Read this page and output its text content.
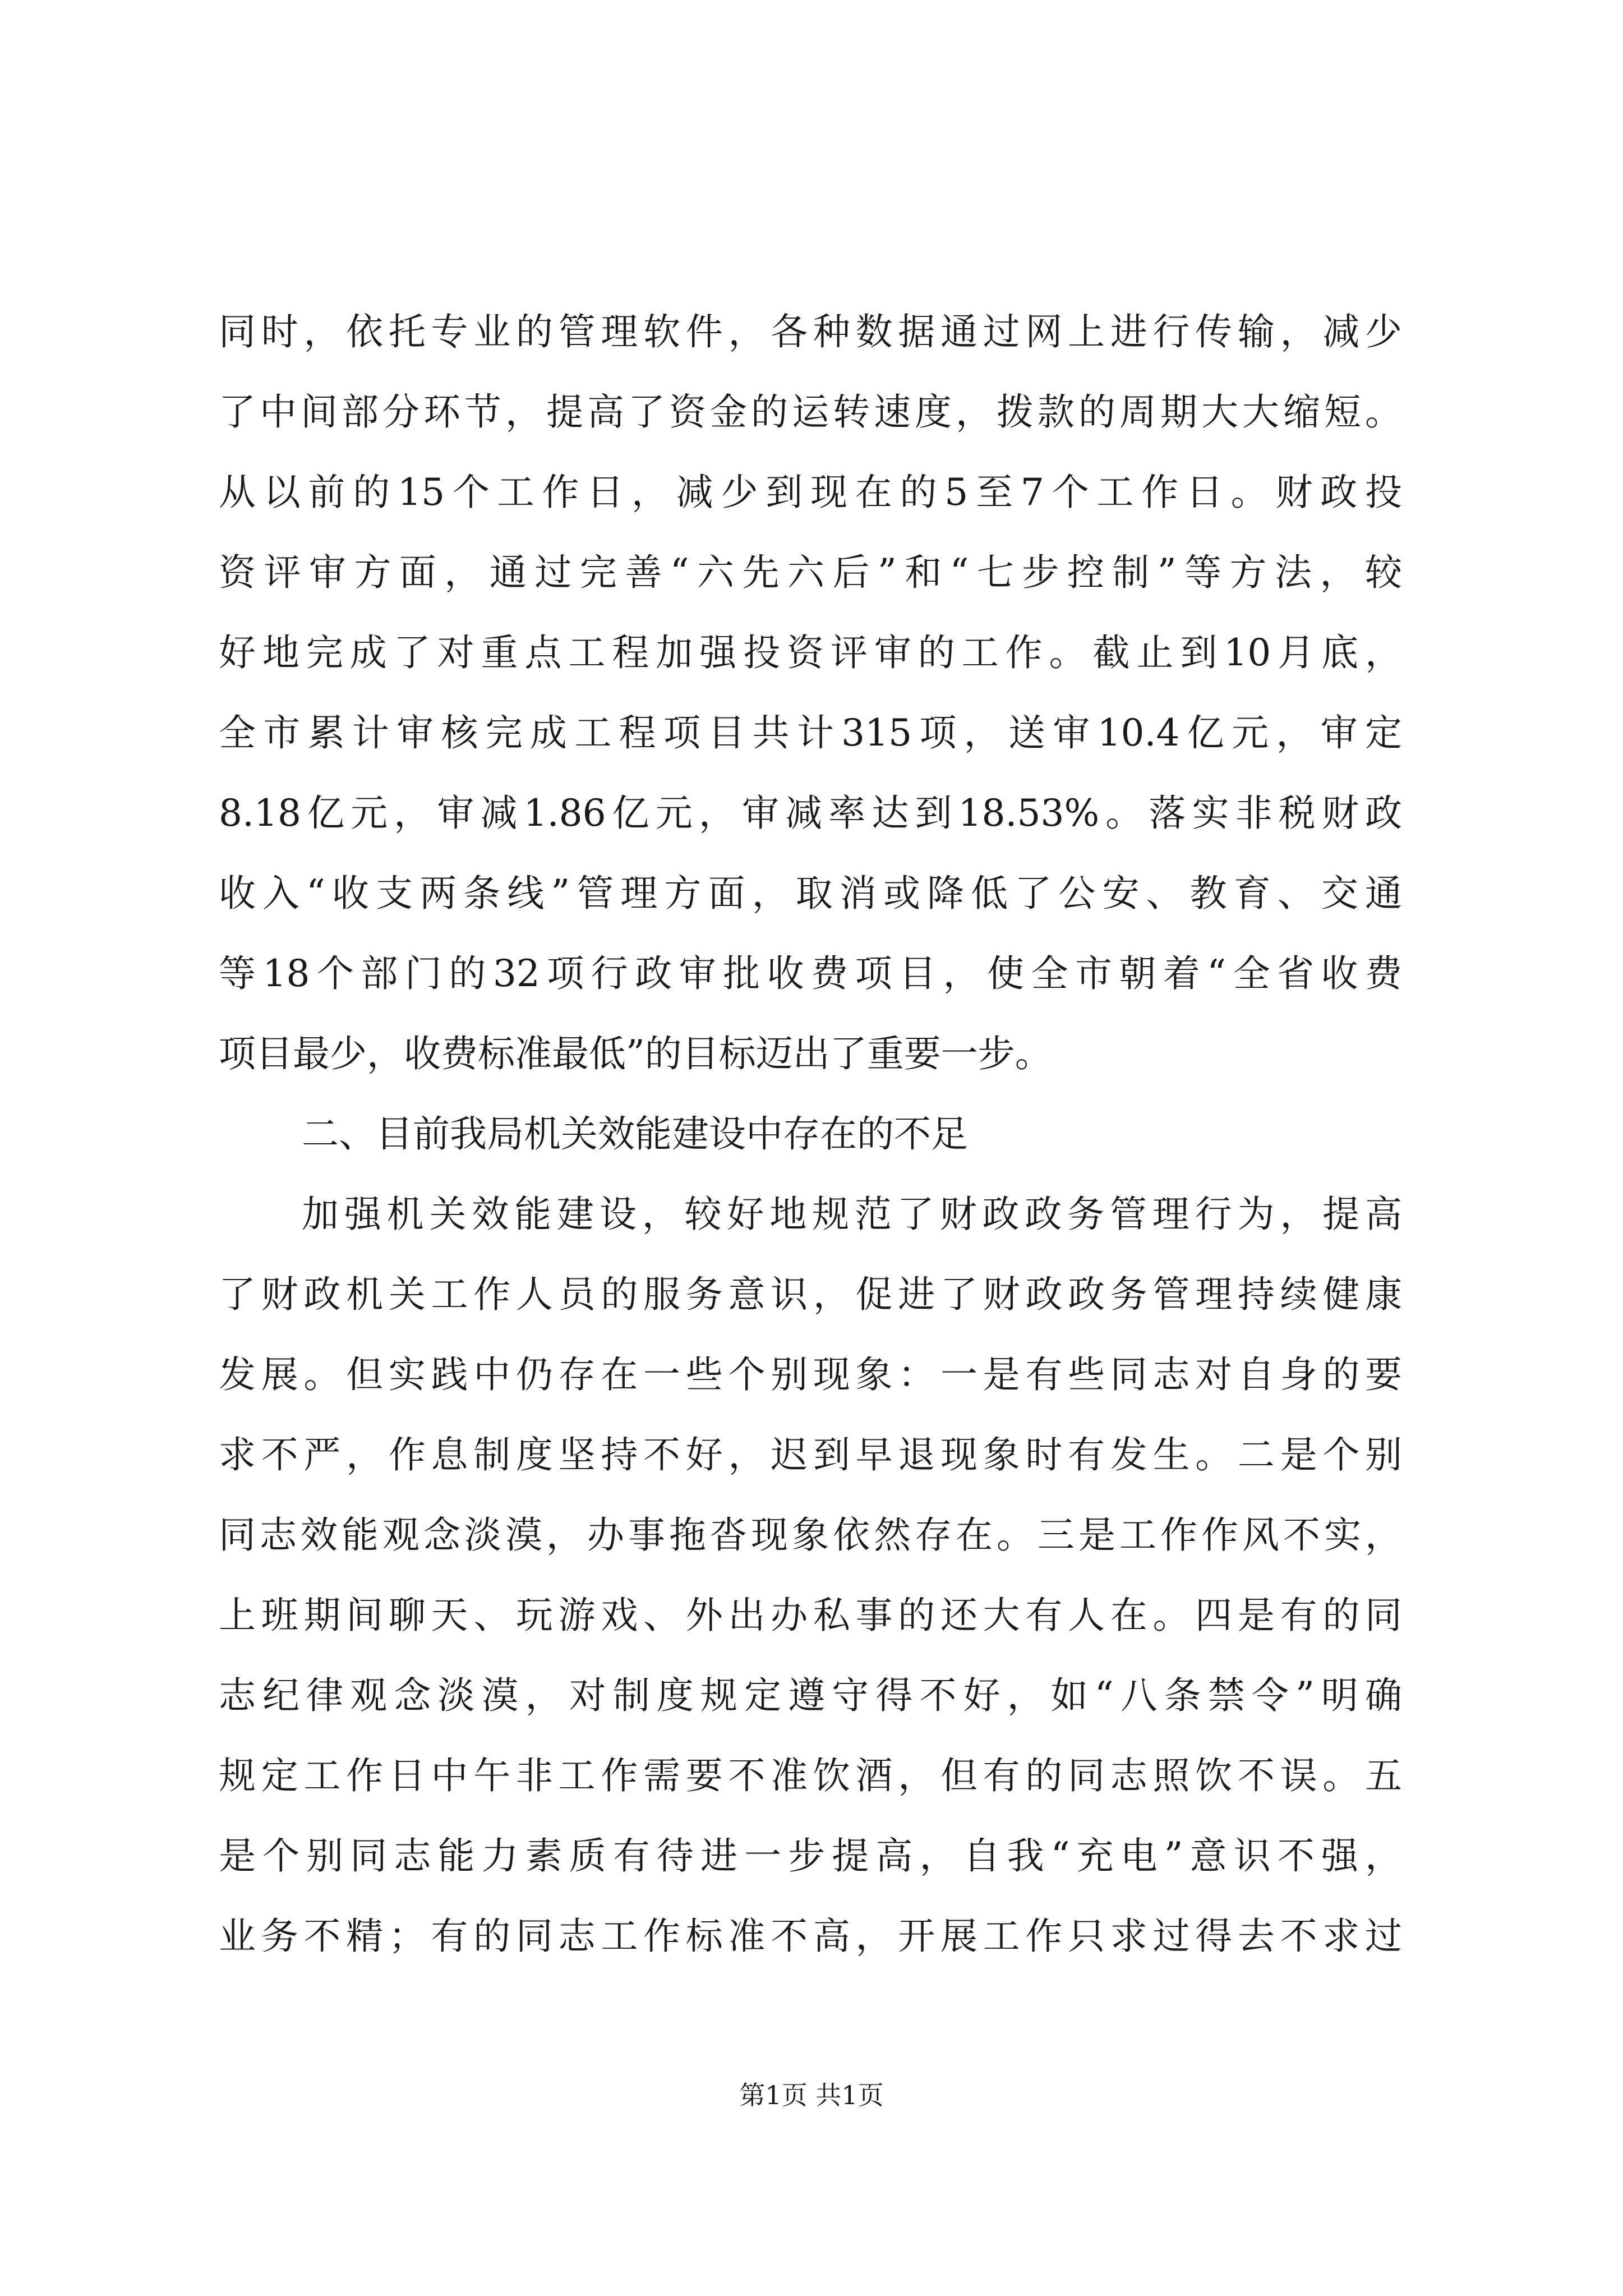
同时，依托专业的管理软件，各种数据通过网上进行传输，减少
了中间部分环节，提高了资金的运转速度，拨款的周期大大缩短。
从以前的15个工作日，减少到现在的5至7个工作日。财政投
资评审方面，通过完善“六先六后”和“七步控制”等方法，较
好地完成了对重点工程加强投资评审的工作。截止到10月底，
全市累计审核完成工程项目共计315项，送审10.4亿元，审定
8.18亿元，审减1.86亿元，审减率达到18.53%。落实非税财政
收入“收支两条线”管理方面，取消或降低了公安、教育、交通
等18个部门的32项行政审批收费项目，使全市朝着“全省收费
项目最少，收费标准最低”的目标迈出了重要一步。
二、目前我局机关效能建设中存在的不足
加强机关效能建设，较好地规范了财政政务管理行为，提高
了财政机关工作人员的服务意识，促进了财政政务管理持续健康
发展。但实践中仍存在一些个别现象：一是有些同志对自身的要
求不严，作息制度坚持不好，迟到早退现象时有发生。二是个别
同志效能观念淡漠，办事拖沓现象依然存在。三是工作作风不实，
上班期间聊天、玩游戏、外出办私事的还大有人在。四是有的同
志纪律观念淡漠，对制度规定遵守得不好，如“八条禁令”明确
规定工作日中午非工作需要不准饮酒，但有的同志照饮不误。五
是个别同志能力素质有待进一步提高，自我“充电”意识不强，
业务不精；有的同志工作标准不高，开展工作只求过得去不求过
第1页 共1页
